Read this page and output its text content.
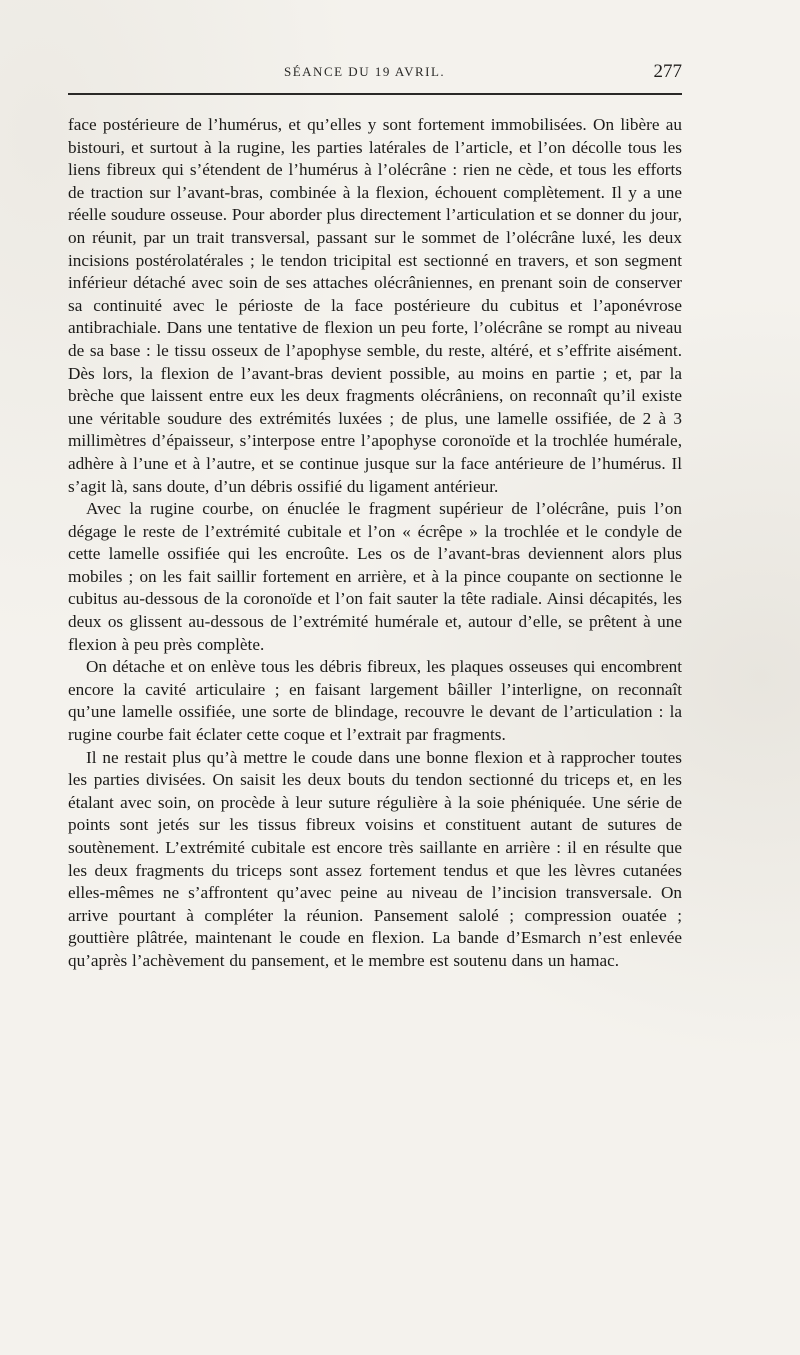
SÉANCE DU 19 AVRIL.	277

face postérieure de l’humérus, et qu’elles y sont fortement immobilisées. On libère au bistouri, et surtout à la rugine, les parties latérales de l’article, et l’on décolle tous les liens fibreux qui s’étendent de l’humérus à l’olécrâne : rien ne cède, et tous les efforts de traction sur l’avant-bras, combinée à la flexion, échouent complètement. Il y a une réelle soudure osseuse. Pour aborder plus directement l’articulation et se donner du jour, on réunit, par un trait transversal, passant sur le sommet de l’olécrâne luxé, les deux incisions postérolatérales ; le tendon tricipital est sectionné en travers, et son segment inférieur détaché avec soin de ses attaches olécrâniennes, en prenant soin de conserver sa continuité avec le périoste de la face postérieure du cubitus et l’aponévrose antibrachiale. Dans une tentative de flexion un peu forte, l’olécrâne se rompt au niveau de sa base : le tissu osseux de l’apophyse semble, du reste, altéré, et s’effrite aisément. Dès lors, la flexion de l’avant-bras devient possible, au moins en partie ; et, par la brèche que laissent entre eux les deux fragments olécrâniens, on reconnaît qu’il existe une véritable soudure des extrémités luxées ; de plus, une lamelle ossifiée, de 2 à 3 millimètres d’épaisseur, s’interpose entre l’apophyse coronoïde et la trochlée humérale, adhère à l’une et à l’autre, et se continue jusque sur la face antérieure de l’humérus. Il s’agit là, sans doute, d’un débris ossifié du ligament antérieur.

Avec la rugine courbe, on énuclée le fragment supérieur de l’olécrâne, puis l’on dégage le reste de l’extrémité cubitale et l’on « écrêpe » la trochlée et le condyle de cette lamelle ossifiée qui les encroûte. Les os de l’avant-bras deviennent alors plus mobiles ; on les fait saillir fortement en arrière, et à la pince coupante on sectionne le cubitus au-dessous de la coronoïde et l’on fait sauter la tête radiale. Ainsi décapités, les deux os glissent au-dessous de l’extrémité humérale et, autour d’elle, se prêtent à une flexion à peu près complète.

On détache et on enlève tous les débris fibreux, les plaques osseuses qui encombrent encore la cavité articulaire ; en faisant largement bâiller l’interligne, on reconnaît qu’une lamelle ossifiée, une sorte de blindage, recouvre le devant de l’articulation : la rugine courbe fait éclater cette coque et l’extrait par fragments.

Il ne restait plus qu’à mettre le coude dans une bonne flexion et à rapprocher toutes les parties divisées. On saisit les deux bouts du tendon sectionné du triceps et, en les étalant avec soin, on procède à leur suture régulière à la soie phéniquée. Une série de points sont jetés sur les tissus fibreux voisins et constituent autant de sutures de soutènement. L’extrémité cubitale est encore très saillante en arrière : il en résulte que les deux fragments du triceps sont assez fortement tendus et que les lèvres cutanées elles-mêmes ne s’affrontent qu’avec peine au niveau de l’incision transversale. On arrive pourtant à compléter la réunion. Pansement salolé ; compression ouatée ; gouttière plâtrée, maintenant le coude en flexion. La bande d’Esmarch n’est enlevée qu’après l’achèvement du pansement, et le membre est soutenu dans un hamac.
